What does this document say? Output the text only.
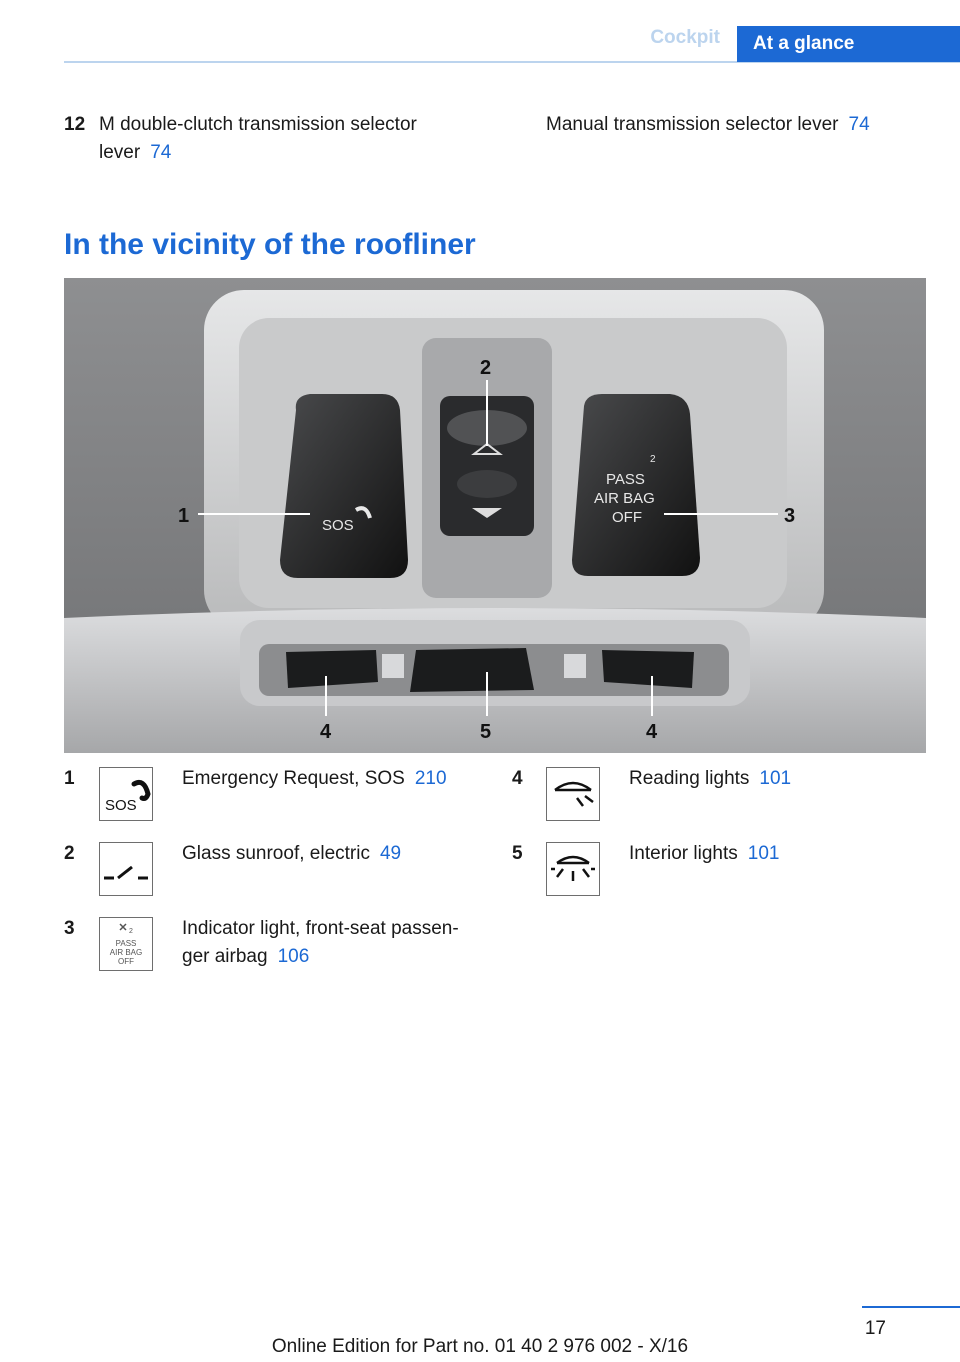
Cockpit	At a glance
12 M double-clutch transmission selector
lever 74
Manual transmission selector lever 74
In the vicinity of the roofliner
SOS
PASS
AIR BAG
OFF
2
1
2
3
4	5	4
1
SOS
Emergency Request, SOS 210
2	Glass sunroof, electric 49
3	2
PASS
AIR BAG
OFF
Indicator light, front-seat passen-
ger airbag 106
4	Reading lights 101
5	Interior lights 101
17
Online Edition for Part no. 01 40 2 976 002 - X/16
